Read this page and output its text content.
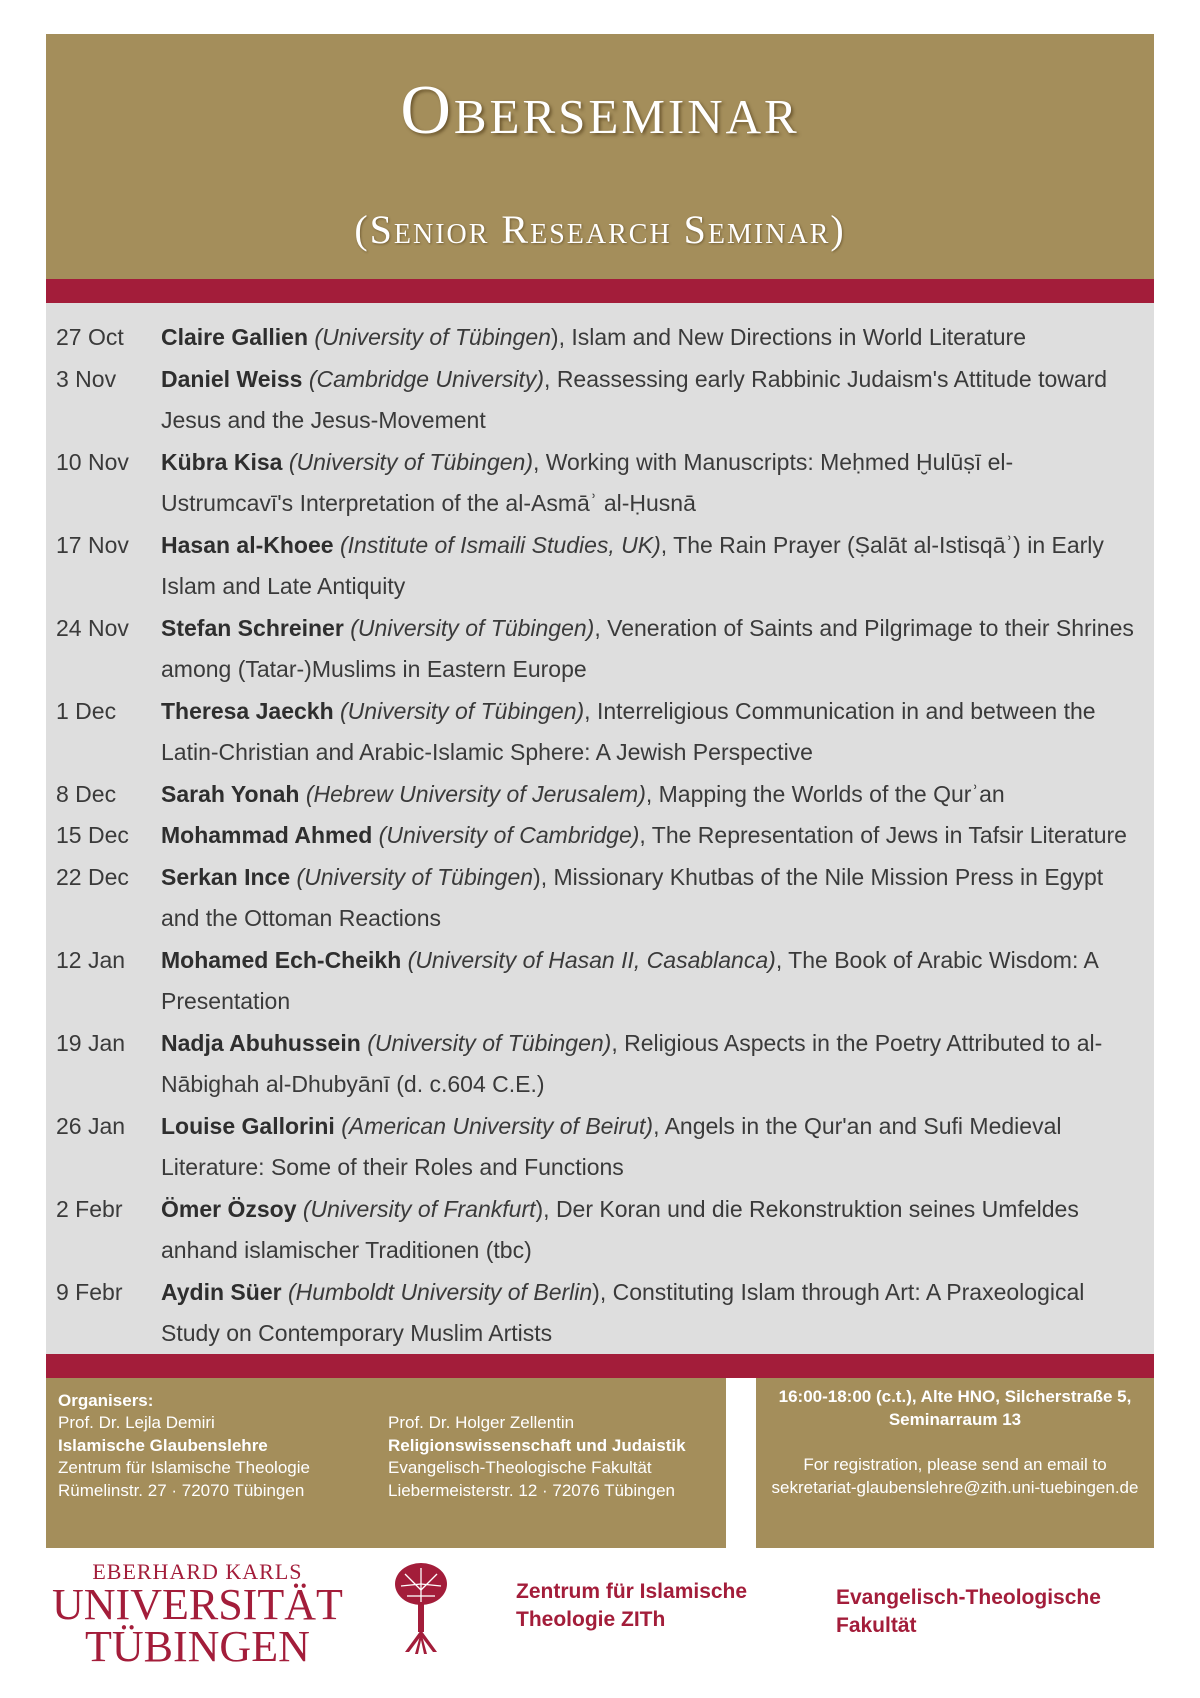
Oberseminar
(Senior Research Seminar)
27 Oct	Claire Gallien (University of Tübingen), Islam and New Directions in World Literature
3 Nov	Daniel Weiss (Cambridge University), Reassessing early Rabbinic Judaism's Attitude toward Jesus and the Jesus-Movement
10 Nov	Kübra Kisa (University of Tübingen), Working with Manuscripts: Meḥmed Ḫulūṣī el-Ustrumcavī's Interpretation of the al-Asmāʾ al-Ḥusnā
17 Nov	Hasan al-Khoee (Institute of Ismaili Studies, UK), The Rain Prayer (Ṣalāt al-Istisqāʾ) in Early Islam and Late Antiquity
24 Nov	Stefan Schreiner (University of Tübingen), Veneration of Saints and Pilgrimage to their Shrines among (Tatar-)Muslims in Eastern Europe
1 Dec	Theresa Jaeckh (University of Tübingen), Interreligious Communication in and between the Latin-Christian and Arabic-Islamic Sphere: A Jewish Perspective
8 Dec	Sarah Yonah (Hebrew University of Jerusalem), Mapping the Worlds of the Qurʾan
15 Dec	Mohammad Ahmed (University of Cambridge), The Representation of Jews in Tafsir Literature
22 Dec	Serkan Ince (University of Tübingen), Missionary Khutbas of the Nile Mission Press in Egypt and the Ottoman Reactions
12 Jan	Mohamed Ech-Cheikh (University of Hasan II, Casablanca), The Book of Arabic Wisdom: A Presentation
19 Jan	Nadja Abuhussein (University of Tübingen), Religious Aspects in the Poetry Attributed to al-Nābighah al-Dhubyānī (d. c.604 C.E.)
26 Jan	Louise Gallorini (American University of Beirut), Angels in the Qur'an and Sufi Medieval Literature: Some of their Roles and Functions
2 Febr	Ömer Özsoy (University of Frankfurt), Der Koran und die Rekonstruktion seines Umfeldes anhand islamischer Traditionen (tbc)
9 Febr	Aydin Süer (Humboldt University of Berlin), Constituting Islam through Art: A Praxeological Study on Contemporary Muslim Artists
Organisers:
Prof. Dr. Lejla Demiri
Islamische Glaubenslehre
Zentrum für Islamische Theologie
Rümelinstr. 27 · 72070 Tübingen
Prof. Dr. Holger Zellentin
Religionswissenschaft und Judaistik
Evangelisch-Theologische Fakultät
Liebermeisterstr. 12 · 72076 Tübingen
16:00-18:00 (c.t.), Alte HNO, Silcherstraße 5, Seminarraum 13
For registration, please send an email to sekretariat-glaubenslehre@zith.uni-tuebingen.de
EBERHARD KARLS
UNIVERSITÄT
TÜBINGEN
Zentrum für Islamische
Theologie ZITh
Evangelisch-Theologische
Fakultät
